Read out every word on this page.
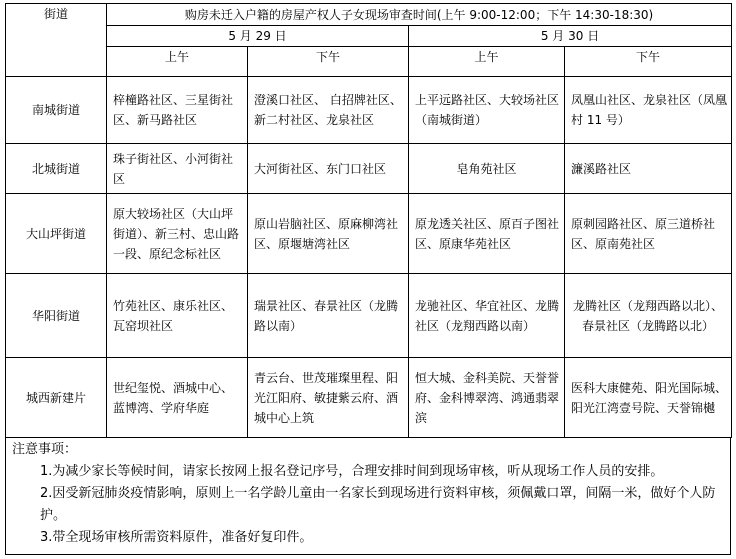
街道	购房未迁入户籍的房屋产权人子女现场审查时间(上午 9:00-12:00；下午 14:30-18:30)			
	5 月 29 日		5 月 30 日	
	上午	下午	上午	下午
南城街道	梓橦路社区、三星街社区、新马路社区	澄溪口社区、 白招牌社区、 新二村社区、龙泉社区	上平远路社区、大较场社区（南城街道）	凤凰山社区、龙泉社区（凤凰村 11 号）
北城街道	珠子街社区、小河街社区	大河街社区、东门口社区	皂角苑社区	濂溪路社区
大山坪街道	原大较场社区（大山坪街道）、新三村、忠山路一段、原纪念标社区	原山岩脑社区、原麻柳湾社区、原堰塘湾社区	原龙透关社区、原百子图社区、原康华苑社区	原刺园路社区、原三道桥社区、原南苑社区
华阳街道	竹苑社区、康乐社区、瓦窑坝社区	瑞景社区、春景社区（龙腾路以南）	龙驰社区、华宜社区、龙腾社区（龙翔西路以南）	龙腾社区（龙翔西路以北）、春景社区（龙腾路以北）
城西新建片	世纪玺悦、酒城中心、蓝博湾、学府华庭	青云台、世茂璀璨里程、阳光江阳府、敏捷紫云府、酒城中心上筑	恒大城、金科美院、天誉誉府、金科博翠湾、鸿通翡翠滨	医科大康健苑、阳光国际城、阳光江湾壹号院、天誉锦樾
注意事项：
1.为减少家长等候时间，请家长按网上报名登记序号，合理安排时间到现场审核，听从现场工作人员的安排。
2.因受新冠肺炎疫情影响，原则上一名学龄儿童由一名家长到现场进行资料审核，须佩戴口罩，间隔一米，做好个人防护。
3.带全现场审核所需资料原件，准备好复印件。
